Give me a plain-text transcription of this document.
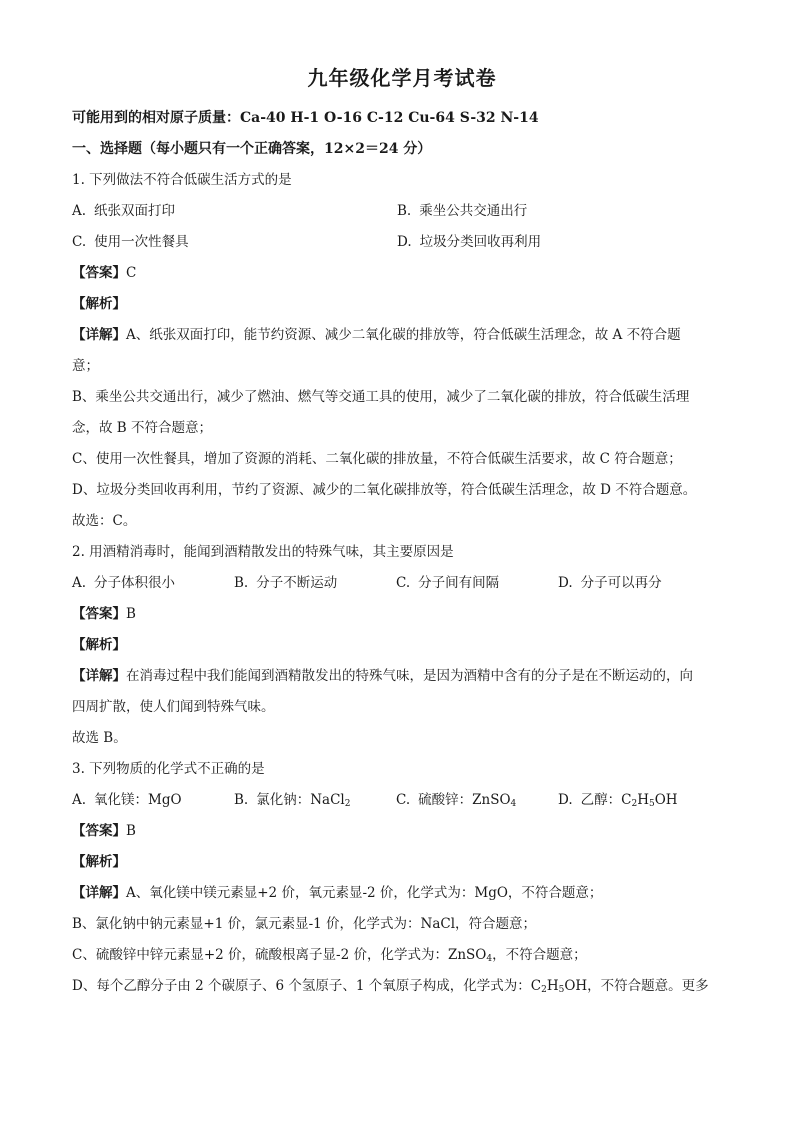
九年级化学月考试卷
可能用到的相对原子质量：Ca-40 H-1 O-16 C-12 Cu-64 S-32 N-14
一、选择题（每小题只有一个正确答案，12×2＝24 分）
1. 下列做法不符合低碳生活方式的是
A. 纸张双面打印	B. 乘坐公共交通出行
C. 使用一次性餐具	D. 垃圾分类回收再利用
【答案】C
【解析】
【详解】A、纸张双面打印，能节约资源、减少二氧化碳的排放等，符合低碳生活理念，故 A 不符合题
意；
B、乘坐公共交通出行，减少了燃油、燃气等交通工具的使用，减少了二氧化碳的排放，符合低碳生活理
念，故 B 不符合题意；
C、使用一次性餐具，增加了资源的消耗、二氧化碳的排放量，不符合低碳生活要求，故 C 符合题意；
D、垃圾分类回收再利用，节约了资源、减少的二氧化碳排放等，符合低碳生活理念，故 D 不符合题意。
故选：C。
2. 用酒精消毒时，能闻到酒精散发出的特殊气味，其主要原因是
A. 分子体积很小	B. 分子不断运动	C. 分子间有间隔	D. 分子可以再分
【答案】B
【解析】
【详解】在消毒过程中我们能闻到酒精散发出的特殊气味，是因为酒精中含有的分子是在不断运动的，向
四周扩散，使人们闻到特殊气味。
故选 B。
3. 下列物质的化学式不正确的是
A. 氧化镁：MgO	B. 氯化钠：NaCl$_2$	C. 硫酸锌：ZnSO$_4$	D. 乙醇：$C_2H_5OH$
【答案】B
【解析】
【详解】A、氧化镁中镁元素显+2 价，氧元素显-2 价，化学式为：MgO，不符合题意；
B、氯化钠中钠元素显+1 价，氯元素显-1 价，化学式为：NaCl，符合题意；
C、硫酸锌中锌元素显+2 价，硫酸根离子显-2 价，化学式为：ZnSO$_4$，不符合题意；
D、每个乙醇分子由 2 个碳原子、6 个氢原子、1 个氧原子构成，化学式为：$C_2H_5OH$，不符合题意。更多
